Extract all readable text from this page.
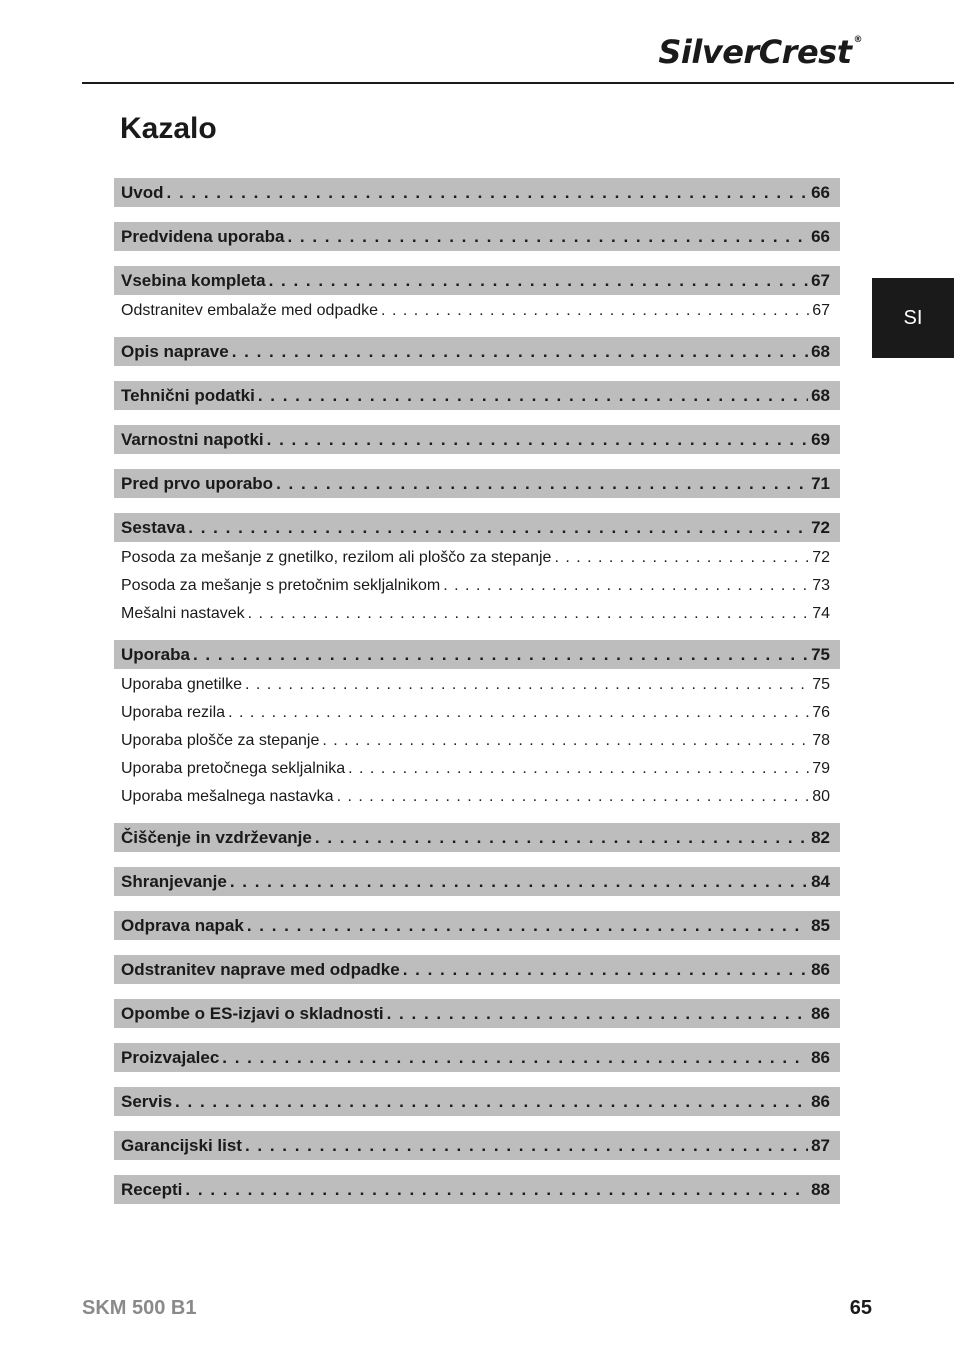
SilverCrest ®
SI
Kazalo
Uvod . . .	66
Predvidena uporaba . . .	66
Vsebina kompleta . . .	67
Odstranitev embalaže med odpadke . . .	67
Opis naprave . . .	68
Tehnični podatki . . .	68
Varnostni napotki . . .	69
Pred prvo uporabo . . .	71
Sestava . . .	72
Posoda za mešanje z gnetilko, rezilom ali ploščo za stepanje . . .	72
Posoda za mešanje s pretočnim sekljalnikom . . .	73
Mešalni nastavek . . .	74
Uporaba . . .	75
Uporaba gnetilke . . .	75
Uporaba rezila . . .	76
Uporaba plošče za stepanje . . .	78
Uporaba pretočnega sekljalnika . . .	79
Uporaba mešalnega nastavka . . .	80
Čiščenje in vzdrževanje . . .	82
Shranjevanje . . .	84
Odprava napak . . .	85
Odstranitev naprave med odpadke . . .	86
Opombe o ES-izjavi o skladnosti . . .	86
Proizvajalec . . .	86
Servis . . .	86
Garancijski list . . .	87
Recepti . . .	88
SKM 500 B1	65
